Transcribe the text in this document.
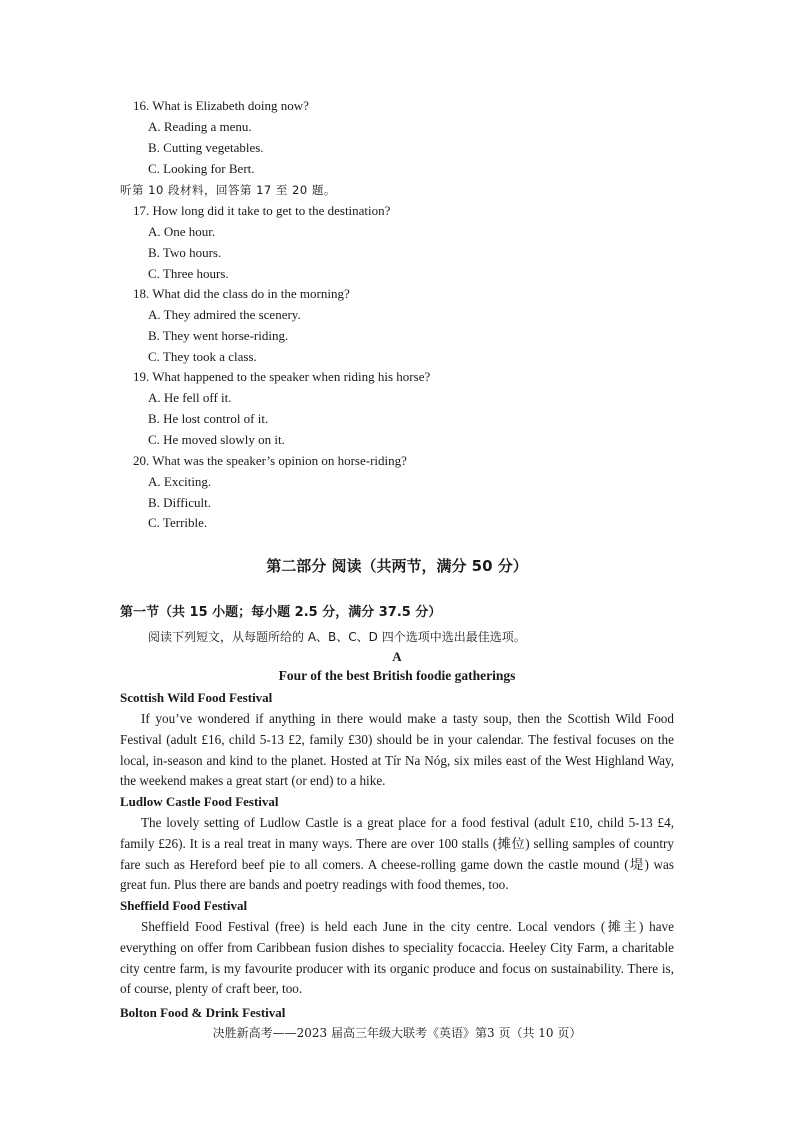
16. What is Elizabeth doing now?
A. Reading a menu.
B. Cutting vegetables.
C. Looking for Bert.
听第 10 段材料，回答第 17 至 20 题。
17. How long did it take to get to the destination?
A. One hour.
B. Two hours.
C. Three hours.
18. What did the class do in the morning?
A. They admired the scenery.
B. They went horse-riding.
C. They took a class.
19. What happened to the speaker when riding his horse?
A. He fell off it.
B. He lost control of it.
C. He moved slowly on it.
20. What was the speaker’s opinion on horse-riding?
A. Exciting.
B. Difficult.
C. Terrible.
第二部分 阅读（共两节，满分 50 分）
第一节（共 15 小题；每小题 2.5 分，满分 37.5 分）
阅读下列短文，从每题所给的 A、B、C、D 四个选项中选出最佳选项。
A
Four of the best British foodie gatherings
Scottish Wild Food Festival
If you’ve wondered if anything in there would make a tasty soup, then the Scottish Wild Food Festival (adult £16, child 5-13 £2, family £30) should be in your calendar. The festival focuses on the local, in-season and kind to the planet. Hosted at Tír Na Nóg, six miles east of the West Highland Way, the weekend makes a great start (or end) to a hike.
Ludlow Castle Food Festival
The lovely setting of Ludlow Castle is a great place for a food festival (adult £10, child 5-13 £4, family £26). It is a real treat in many ways. There are over 100 stalls (摊位) selling samples of country fare such as Hereford beef pie to all comers. A cheese-rolling game down the castle mound (堤) was great fun. Plus there are bands and poetry readings with food themes, too.
Sheffield Food Festival
Sheffield Food Festival (free) is held each June in the city centre. Local vendors (摊主) have everything on offer from Caribbean fusion dishes to speciality focaccia. Heeley City Farm, a charitable city centre farm, is my favourite producer with its organic produce and focus on sustainability. There is, of course, plenty of craft beer, too.
Bolton Food & Drink Festival
决胜新高考——2023 届高三年级大联考《英语》第3 页（共 10 页）
